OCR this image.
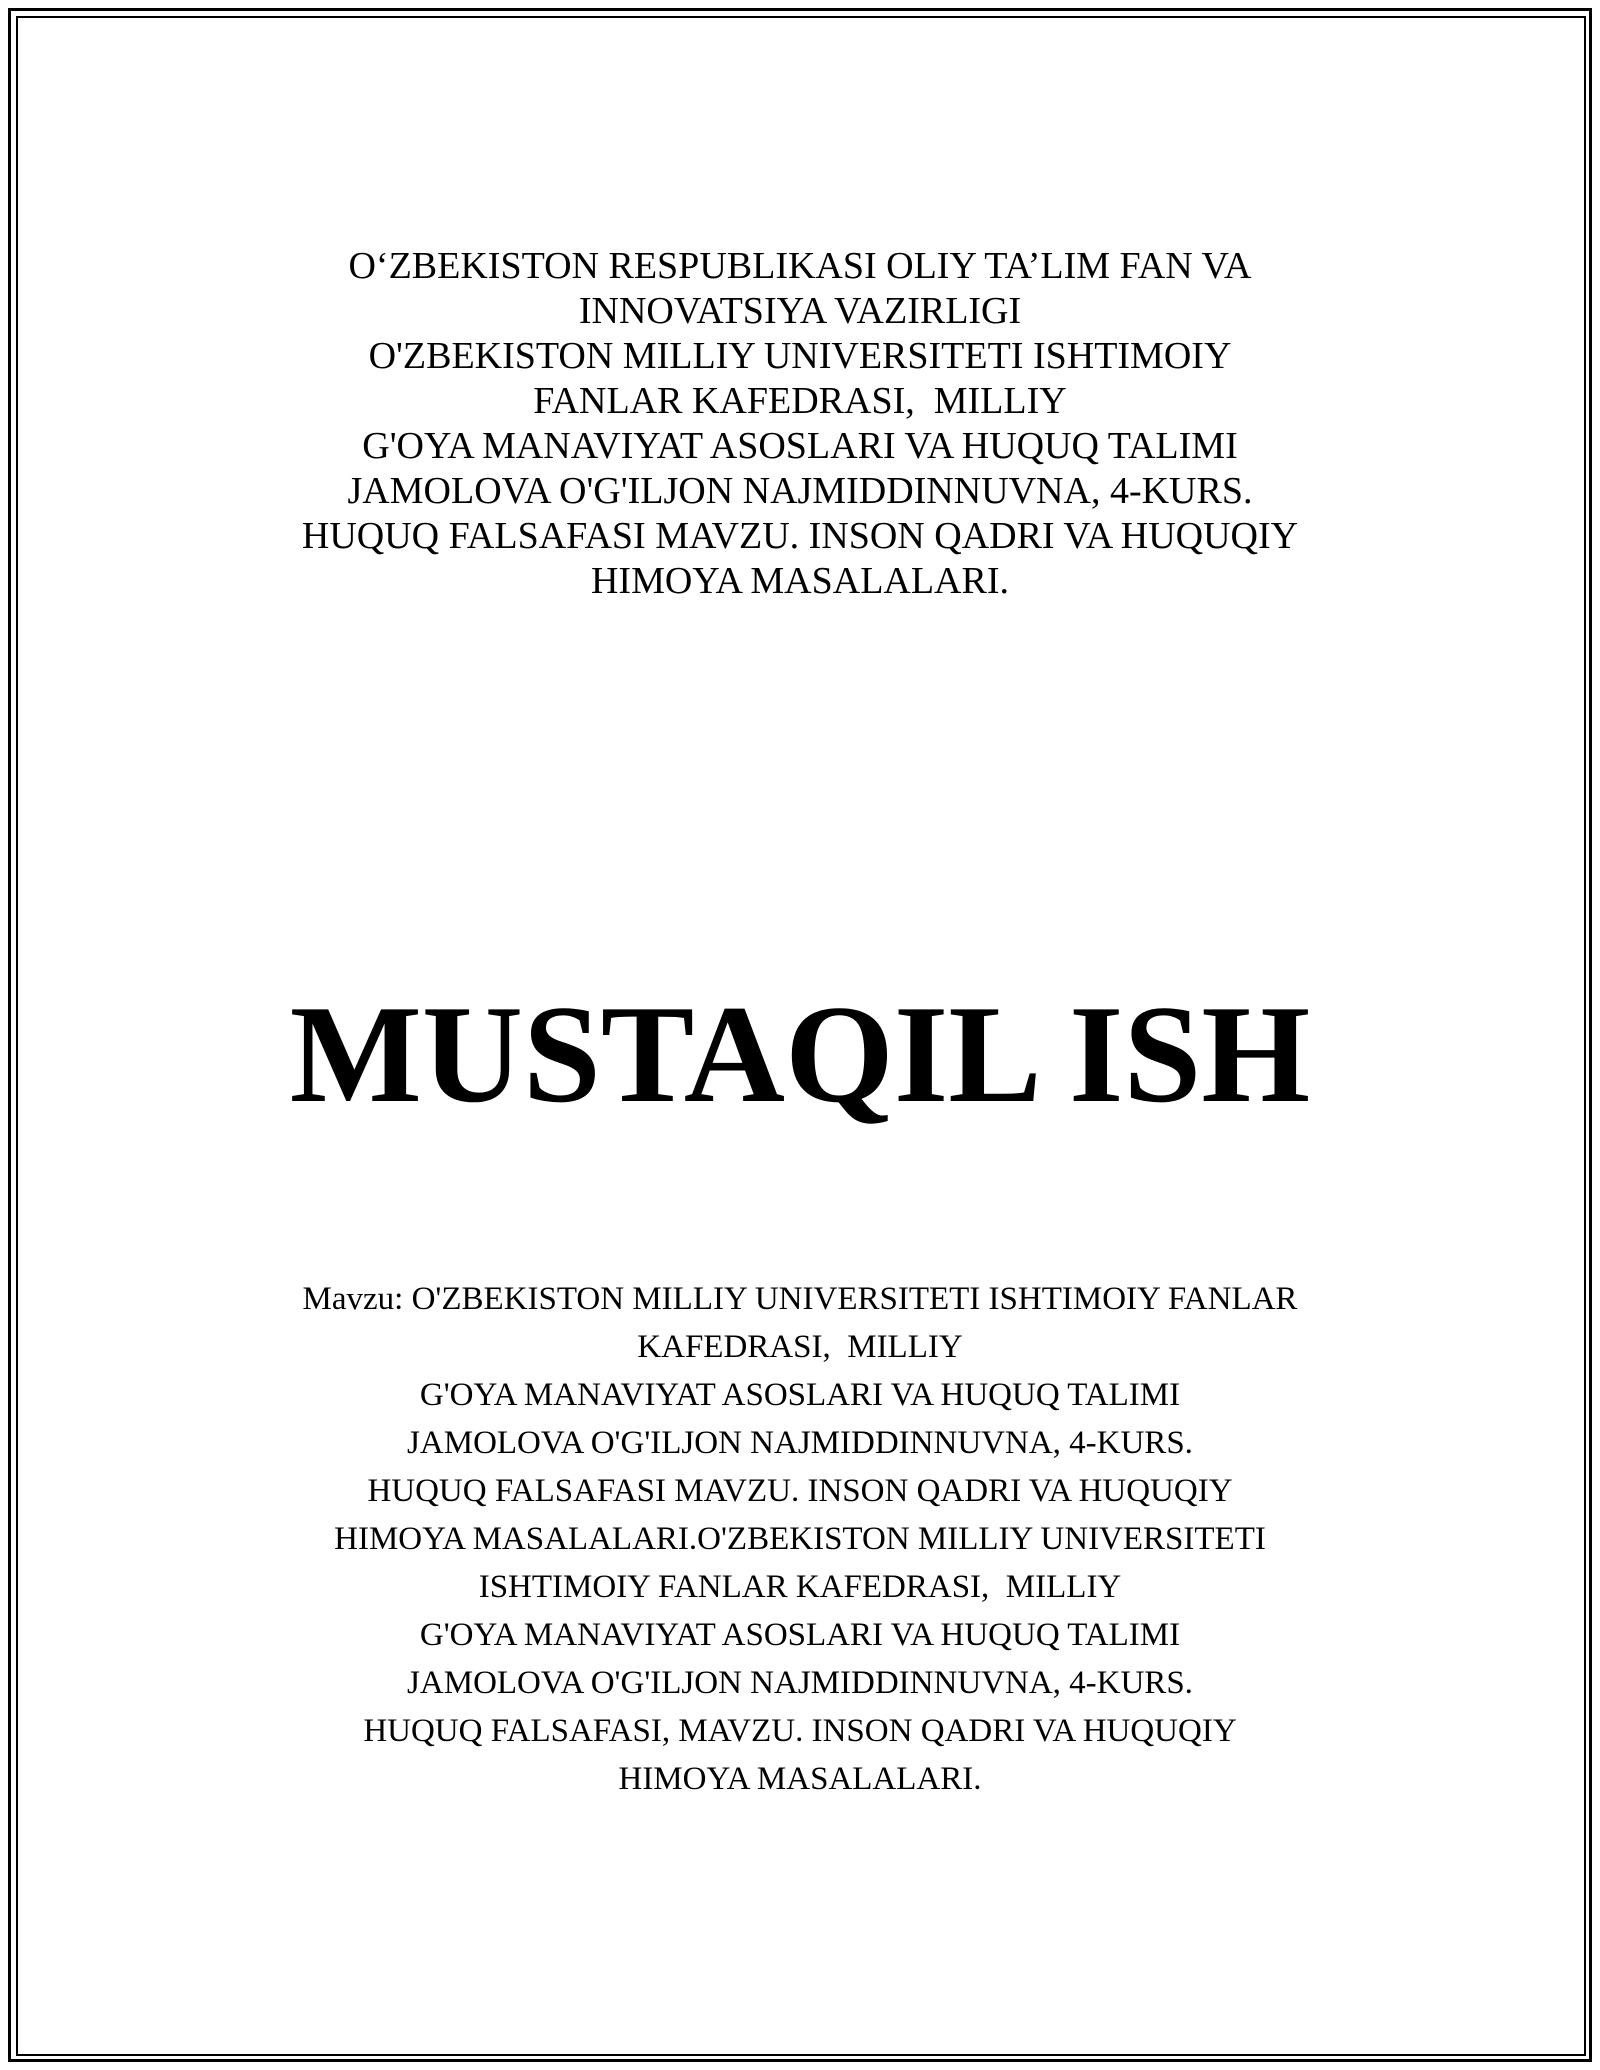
O‘ZBEKISTON RESPUBLIKASI OLIY TA’LIM FAN VA
INNOVATSIYA VAZIRLIGI
O'ZBEKISTON MILLIY UNIVERSITETI ISHTIMOIY
FANLAR KAFEDRASI,  MILLIY
G'OYA MANAVIYAT ASOSLARI VA HUQUQ TALIMI
JAMOLOVA O'G'ILJON NAJMIDDINNUVNA, 4-KURS.
HUQUQ FALSAFASI MAVZU. INSON QADRI VA HUQUQIY
HIMOYA MASALALARI.
MUSTAQIL ISH
Mavzu: O'ZBEKISTON MILLIY UNIVERSITETI ISHTIMOIY FANLAR
KAFEDRASI,  MILLIY
G'OYA MANAVIYAT ASOSLARI VA HUQUQ TALIMI
JAMOLOVA O'G'ILJON NAJMIDDINNUVNA, 4-KURS.
HUQUQ FALSAFASI MAVZU. INSON QADRI VA HUQUQIY
HIMOYA MASALALARI.O'ZBEKISTON MILLIY UNIVERSITETI
ISHTIMOIY FANLAR KAFEDRASI,  MILLIY
G'OYA MANAVIYAT ASOSLARI VA HUQUQ TALIMI
JAMOLOVA O'G'ILJON NAJMIDDINNUVNA, 4-KURS.
HUQUQ FALSAFASI, MAVZU. INSON QADRI VA HUQUQIY
HIMOYA MASALALARI.
